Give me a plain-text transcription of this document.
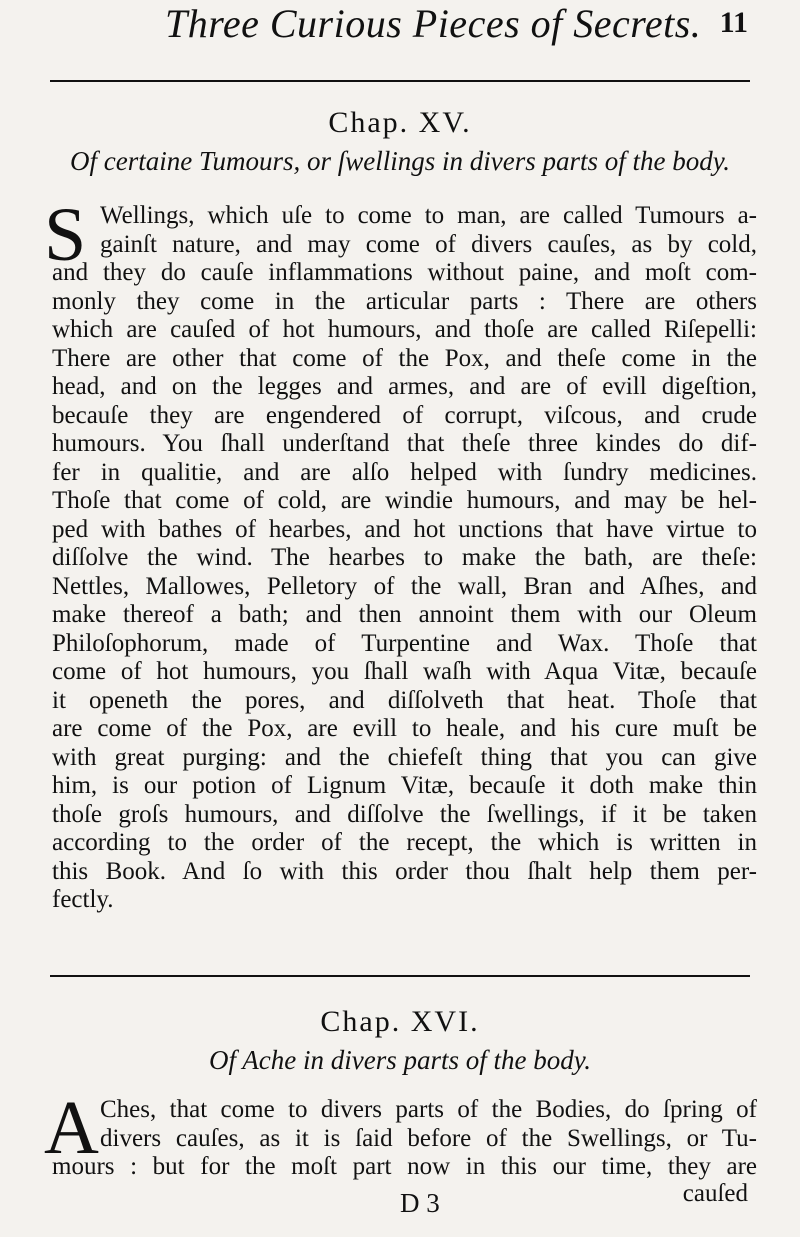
Three Curious Pieces of Secrets. 11
Chap. XV.
Of certaine Tumours, or ſwellings in divers parts of the body.
S Wellings, which uſe to come to man, are called Tumours a-
gainſt nature, and may come of divers cauſes, as by cold,
and they do cauſe inflammations without paine, and moſt com-
monly they come in the articular parts : There are others
which are cauſed of hot humours, and thoſe are called Riſepelli:
There are other that come of the Pox, and theſe come in the
head, and on the legges and armes, and are of evill digeſtion,
becauſe they are engendered of corrupt, viſcous, and crude
humours. You ſhall underſtand that theſe three kindes do dif-
fer in qualitie, and are alſo helped with ſundry medicines.
Thoſe that come of cold, are windie humours, and may be hel-
ped with bathes of hearbes, and hot unctions that have virtue to
diſſolve the wind. The hearbes to make the bath, are theſe:
Nettles, Mallowes, Pelletory of the wall, Bran and Aſhes, and
make thereof a bath; and then annoint them with our Oleum
Philoſophorum, made of Turpentine and Wax. Thoſe that
come of hot humours, you ſhall waſh with Aqua Vitæ, becauſe
it openeth the pores, and diſſolveth that heat. Thoſe that
are come of the Pox, are evill to heale, and his cure muſt be
with great purging: and the chiefeſt thing that you can give
him, is our potion of Lignum Vitæ, becauſe it doth make thin
thoſe groſs humours, and diſſolve the ſwellings, if it be taken
according to the order of the recept, the which is written in
this Book. And ſo with this order thou ſhalt help them per-
fectly.
Chap. XVI.
Of Ache in divers parts of the body.
A Ches, that come to divers parts of the Bodies, do ſpring of
divers cauſes, as it is ſaid before of the Swellings, or Tu-
mours : but for the moſt part now in this our time, they are
D 3	cauſed
